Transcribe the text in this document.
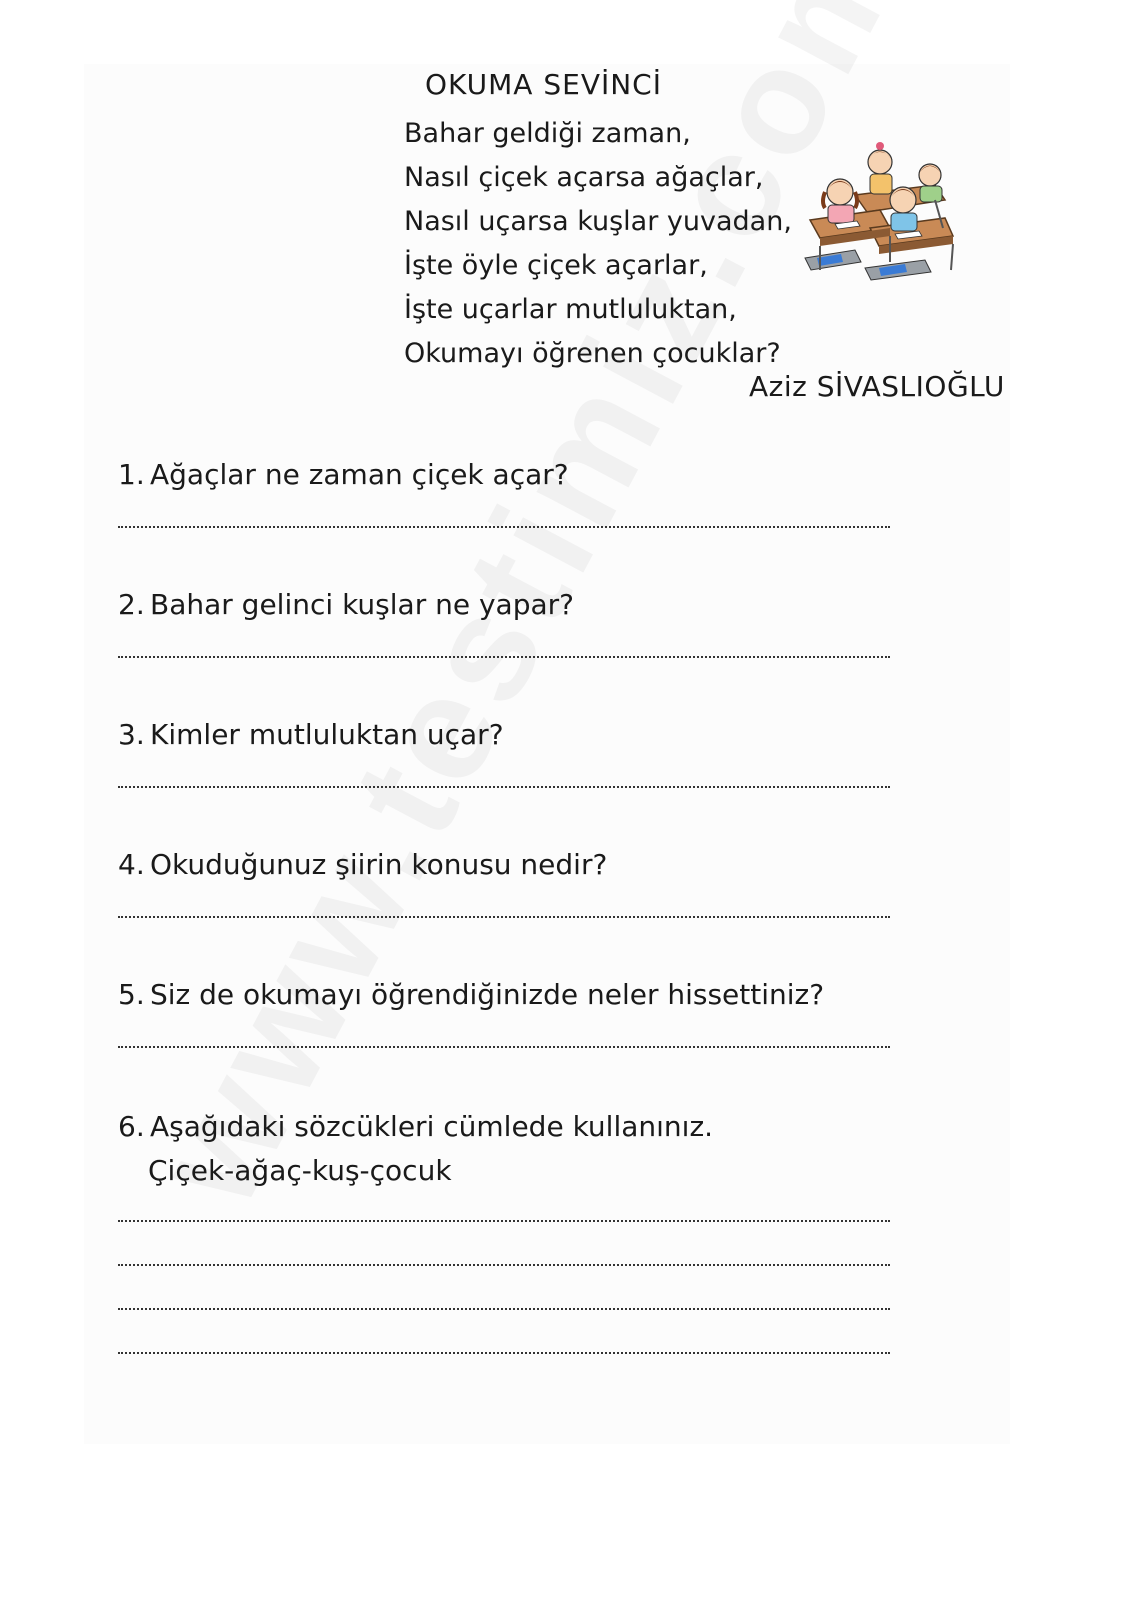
OKUMA SEVİNCİ
Bahar geldiği zaman,
Nasıl çiçek açarsa ağaçlar,
Nasıl uçarsa kuşlar yuvadan,
İşte öyle çiçek açarlar,
İşte uçarlar mutluluktan,
Okumayı öğrenen çocuklar?
Aziz SİVASLIOĞLU
1. Ağaçlar ne zaman çiçek açar?
2. Bahar gelinci kuşlar ne yapar?
3. Kimler mutluluktan uçar?
4. Okuduğunuz şiirin konusu nedir?
5. Siz de okumayı öğrendiğinizde neler hissettiniz?
6. Aşağıdaki sözcükleri cümlede kullanınız.
Çiçek-ağaç-kuş-çocuk
